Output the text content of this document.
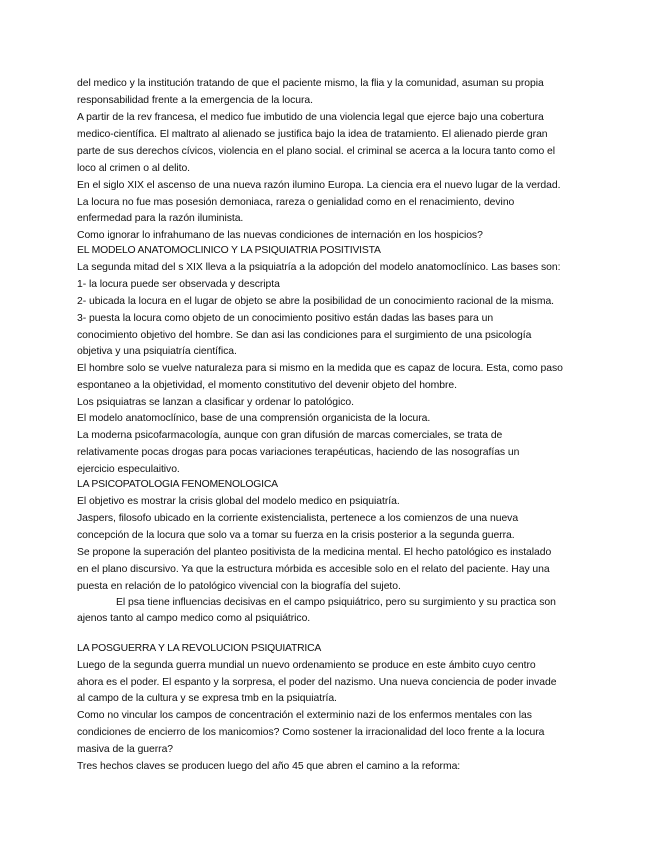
del medico y la institución tratando de que el paciente mismo, la flia y la comunidad, asuman su propia

responsabilidad frente a la emergencia de la locura.

A partir de la rev francesa, el medico fue imbutido de una violencia legal que ejerce bajo una cobertura

medico-científica. El maltrato al alienado se justifica bajo la idea de tratamiento. El alienado pierde gran

parte de sus derechos cívicos, violencia en el plano social. el criminal se acerca a la locura tanto como el

loco al crimen o al delito.

En el siglo XIX el ascenso de una nueva razón ilumino Europa. La ciencia era el nuevo lugar de la verdad.

La locura no fue mas posesión demoniaca, rareza o genialidad como en el renacimiento, devino

enfermedad para la razón iluminista.

Como ignorar lo infrahumano de las nuevas condiciones de internación en los hospicios?

EL MODELO ANATOMOCLINICO Y LA PSIQUIATRIA POSITIVISTA

La segunda mitad del s XIX lleva a la psiquiatría a la adopción del modelo anatomoclínico. Las bases son:

1- la locura puede ser observada y descripta

2- ubicada la locura en el lugar de objeto se abre la posibilidad de un conocimiento racional de la misma.

3- puesta la locura como objeto de un conocimiento positivo están dadas las bases para un

conocimiento objetivo del hombre. Se dan asi las condiciones para el surgimiento de una psicología

objetiva y una psiquiatría científica.

El hombre solo se vuelve naturaleza para si mismo en la medida que es capaz de locura. Esta, como paso

espontaneo a la objetividad, el momento constitutivo del devenir objeto del hombre.

Los psiquiatras se lanzan a clasificar y ordenar lo patológico.

El modelo anatomoclínico, base de una comprensión organicista de la locura.

La moderna psicofarmacología, aunque con gran difusión de marcas comerciales, se trata de

relativamente pocas drogas para pocas variaciones terapéuticas, haciendo de las nosografías un

ejercicio especulaitivo.

LA PSICOPATOLOGIA FENOMENOLOGICA

El objetivo es mostrar la crisis global del modelo medico en psiquiatría.

Jaspers, filosofo ubicado en la corriente existencialista, pertenece a los comienzos de una nueva

concepción de la locura que solo va a tomar su fuerza en la crisis posterior a la segunda guerra.

Se propone la superación del planteo positivista de la medicina mental. El hecho patológico es instalado

en el plano discursivo. Ya que la estructura mórbida es accesible solo en el relato del paciente. Hay una

puesta en relación de lo patológico vivencial con la biografía del sujeto.

El psa tiene influencias decisivas en el campo psiquiátrico, pero su surgimiento y su practica son

ajenos tanto al campo medico como al psiquiátrico.

LA POSGUERRA Y LA REVOLUCION PSIQUIATRICA

Luego de la segunda guerra mundial un nuevo ordenamiento se produce en este ámbito cuyo centro

ahora es el poder. El espanto y la sorpresa, el poder del nazismo. Una nueva conciencia de poder invade

al campo de la cultura y se expresa tmb en la psiquiatría.

Como no vincular los campos de concentración el exterminio nazi de los enfermos mentales con las

condiciones de encierro de los manicomios? Como sostener la irracionalidad del loco frente a la locura

masiva de la guerra?

Tres hechos claves se producen luego del año 45 que abren el camino a la reforma:
